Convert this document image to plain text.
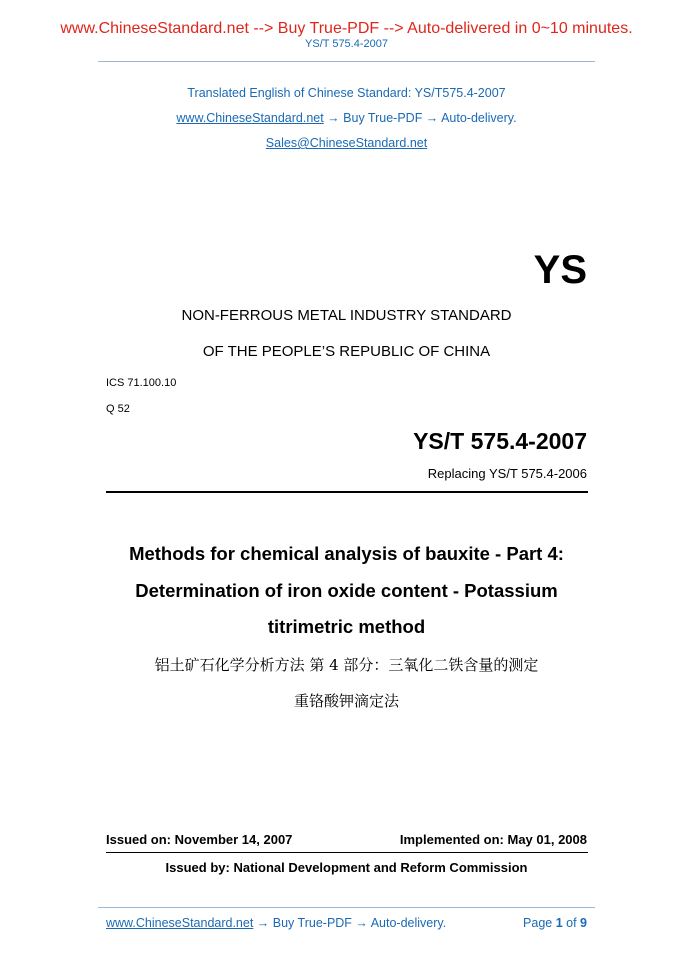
www.ChineseStandard.net --> Buy True-PDF --> Auto-delivered in 0~10 minutes.
YS/T 575.4-2007
Translated English of Chinese Standard: YS/T575.4-2007
www.ChineseStandard.net → Buy True-PDF → Auto-delivery.
Sales@ChineseStandard.net
YS
NON-FERROUS METAL INDUSTRY STANDARD
OF THE PEOPLE’S REPUBLIC OF CHINA
ICS 71.100.10
Q 52
YS/T 575.4-2007
Replacing YS/T 575.4-2006
Methods for chemical analysis of bauxite - Part 4:
Determination of iron oxide content - Potassium
titrimetric method
铝土矿石化学分析方法 第 4 部分：三氧化二铁含量的测定
重铬酸钾滴定法
Issued on: November 14, 2007	Implemented on: May 01, 2008
Issued by: National Development and Reform Commission
www.ChineseStandard.net → Buy True-PDF → Auto-delivery.	Page 1 of 9
